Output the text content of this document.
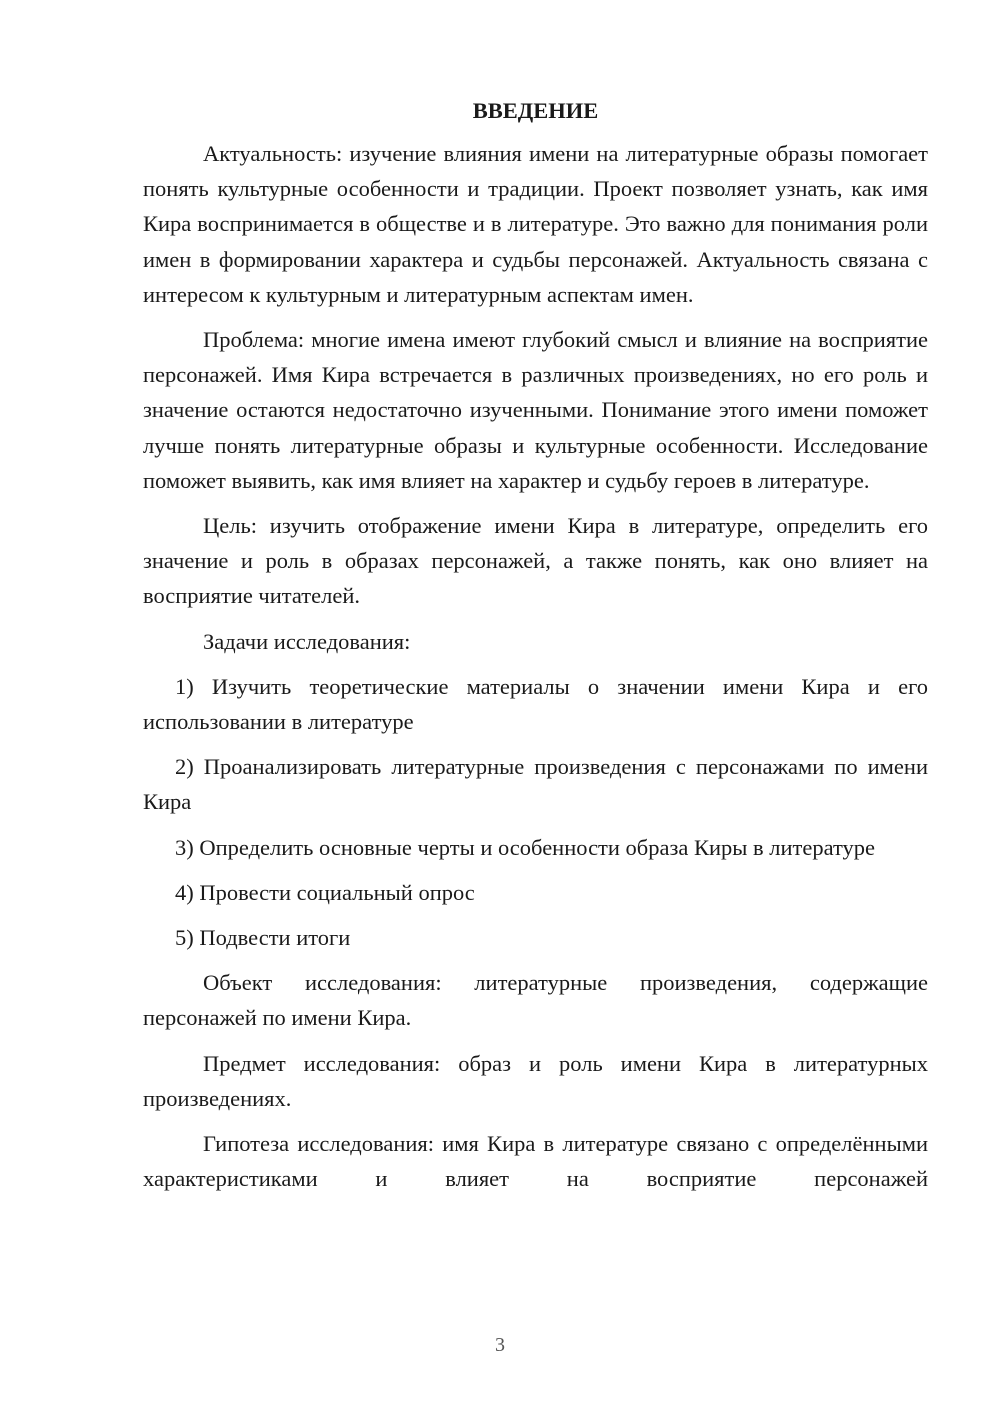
ВВЕДЕНИЕ

Актуальность: изучение влияния имени на литературные образы помогает понять культурные особенности и традиции. Проект позволяет узнать, как имя Кира воспринимается в обществе и в литературе. Это важно для понимания роли имен в формировании характера и судьбы персонажей. Актуальность связана с интересом к культурным и литературным аспектам имен.

Проблема: многие имена имеют глубокий смысл и влияние на восприятие персонажей. Имя Кира встречается в различных произведениях, но его роль и значение остаются недостаточно изученными. Понимание этого имени поможет лучше понять литературные образы и культурные особенности. Исследование поможет выявить, как имя влияет на характер и судьбу героев в литературе.

Цель: изучить отображение имени Кира в литературе, определить его значение и роль в образах персонажей, а также понять, как оно влияет на восприятие читателей.

Задачи исследования:

1) Изучить теоретические материалы о значении имени Кира и его использовании в литературе

2) Проанализировать литературные произведения с персонажами по имени Кира

3) Определить основные черты и особенности образа Киры в литературе

4) Провести социальный опрос

5) Подвести итоги

Объект исследования: литературные произведения, содержащие персонажей по имени Кира.

Предмет исследования: образ и роль имени Кира в литературных произведениях.

Гипотеза исследования: имя Кира в литературе связано с определёнными характеристиками и влияет на восприятие персонажей

3
